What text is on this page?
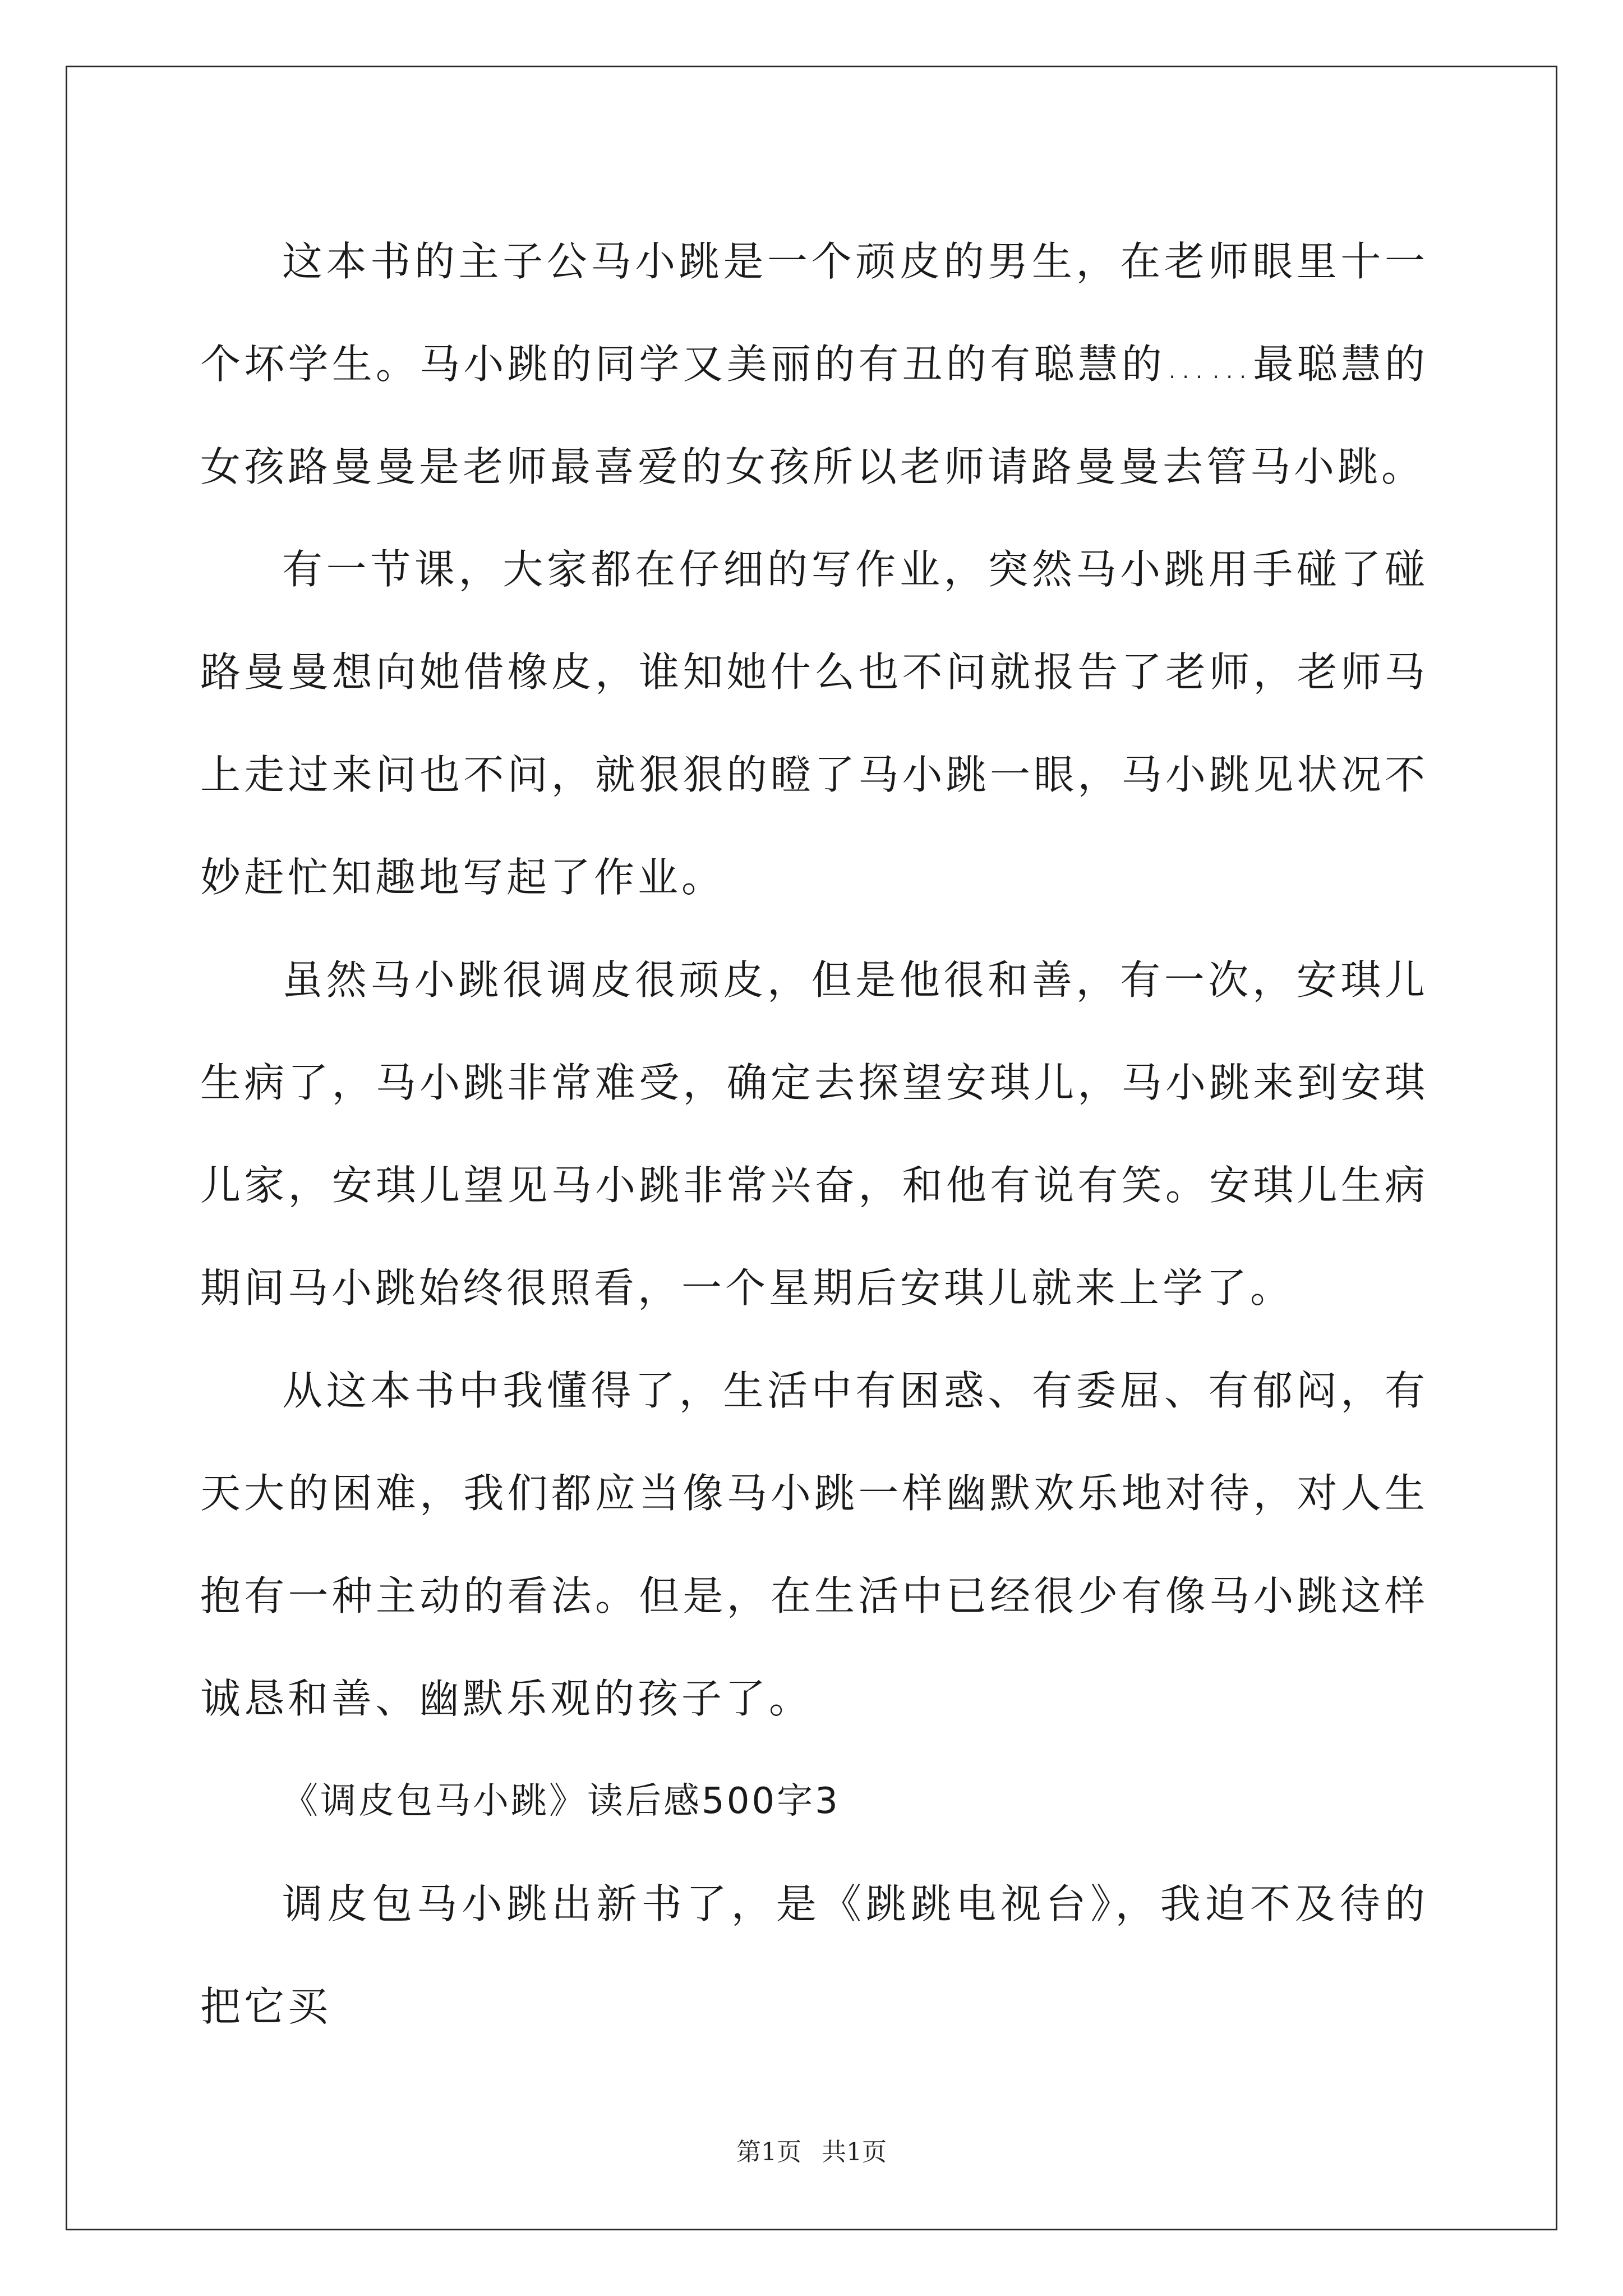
这本书的主子公马小跳是一个顽皮的男生，在老师眼里十一个坏学生。马小跳的同学又美丽的有丑的有聪慧的……最聪慧的女孩路曼曼是老师最喜爱的女孩所以老师请路曼曼去管马小跳。

有一节课，大家都在仔细的写作业，突然马小跳用手碰了碰路曼曼想向她借橡皮，谁知她什么也不问就报告了老师，老师马上走过来问也不问，就狠狠的瞪了马小跳一眼，马小跳见状况不妙赶忙知趣地写起了作业。

虽然马小跳很调皮很顽皮，但是他很和善，有一次，安琪儿生病了，马小跳非常难受，确定去探望安琪儿，马小跳来到安琪儿家，安琪儿望见马小跳非常兴奋，和他有说有笑。安琪儿生病期间马小跳始终很照看，一个星期后安琪儿就来上学了。

从这本书中我懂得了，生活中有困惑、有委屈、有郁闷，有天大的困难，我们都应当像马小跳一样幽默欢乐地对待，对人生抱有一种主动的看法。但是，在生活中已经很少有像马小跳这样诚恳和善、幽默乐观的孩子了。

《调皮包马小跳》读后感500字3

调皮包马小跳出新书了，是《跳跳电视台》，我迫不及待的把它买

第1页 共1页
